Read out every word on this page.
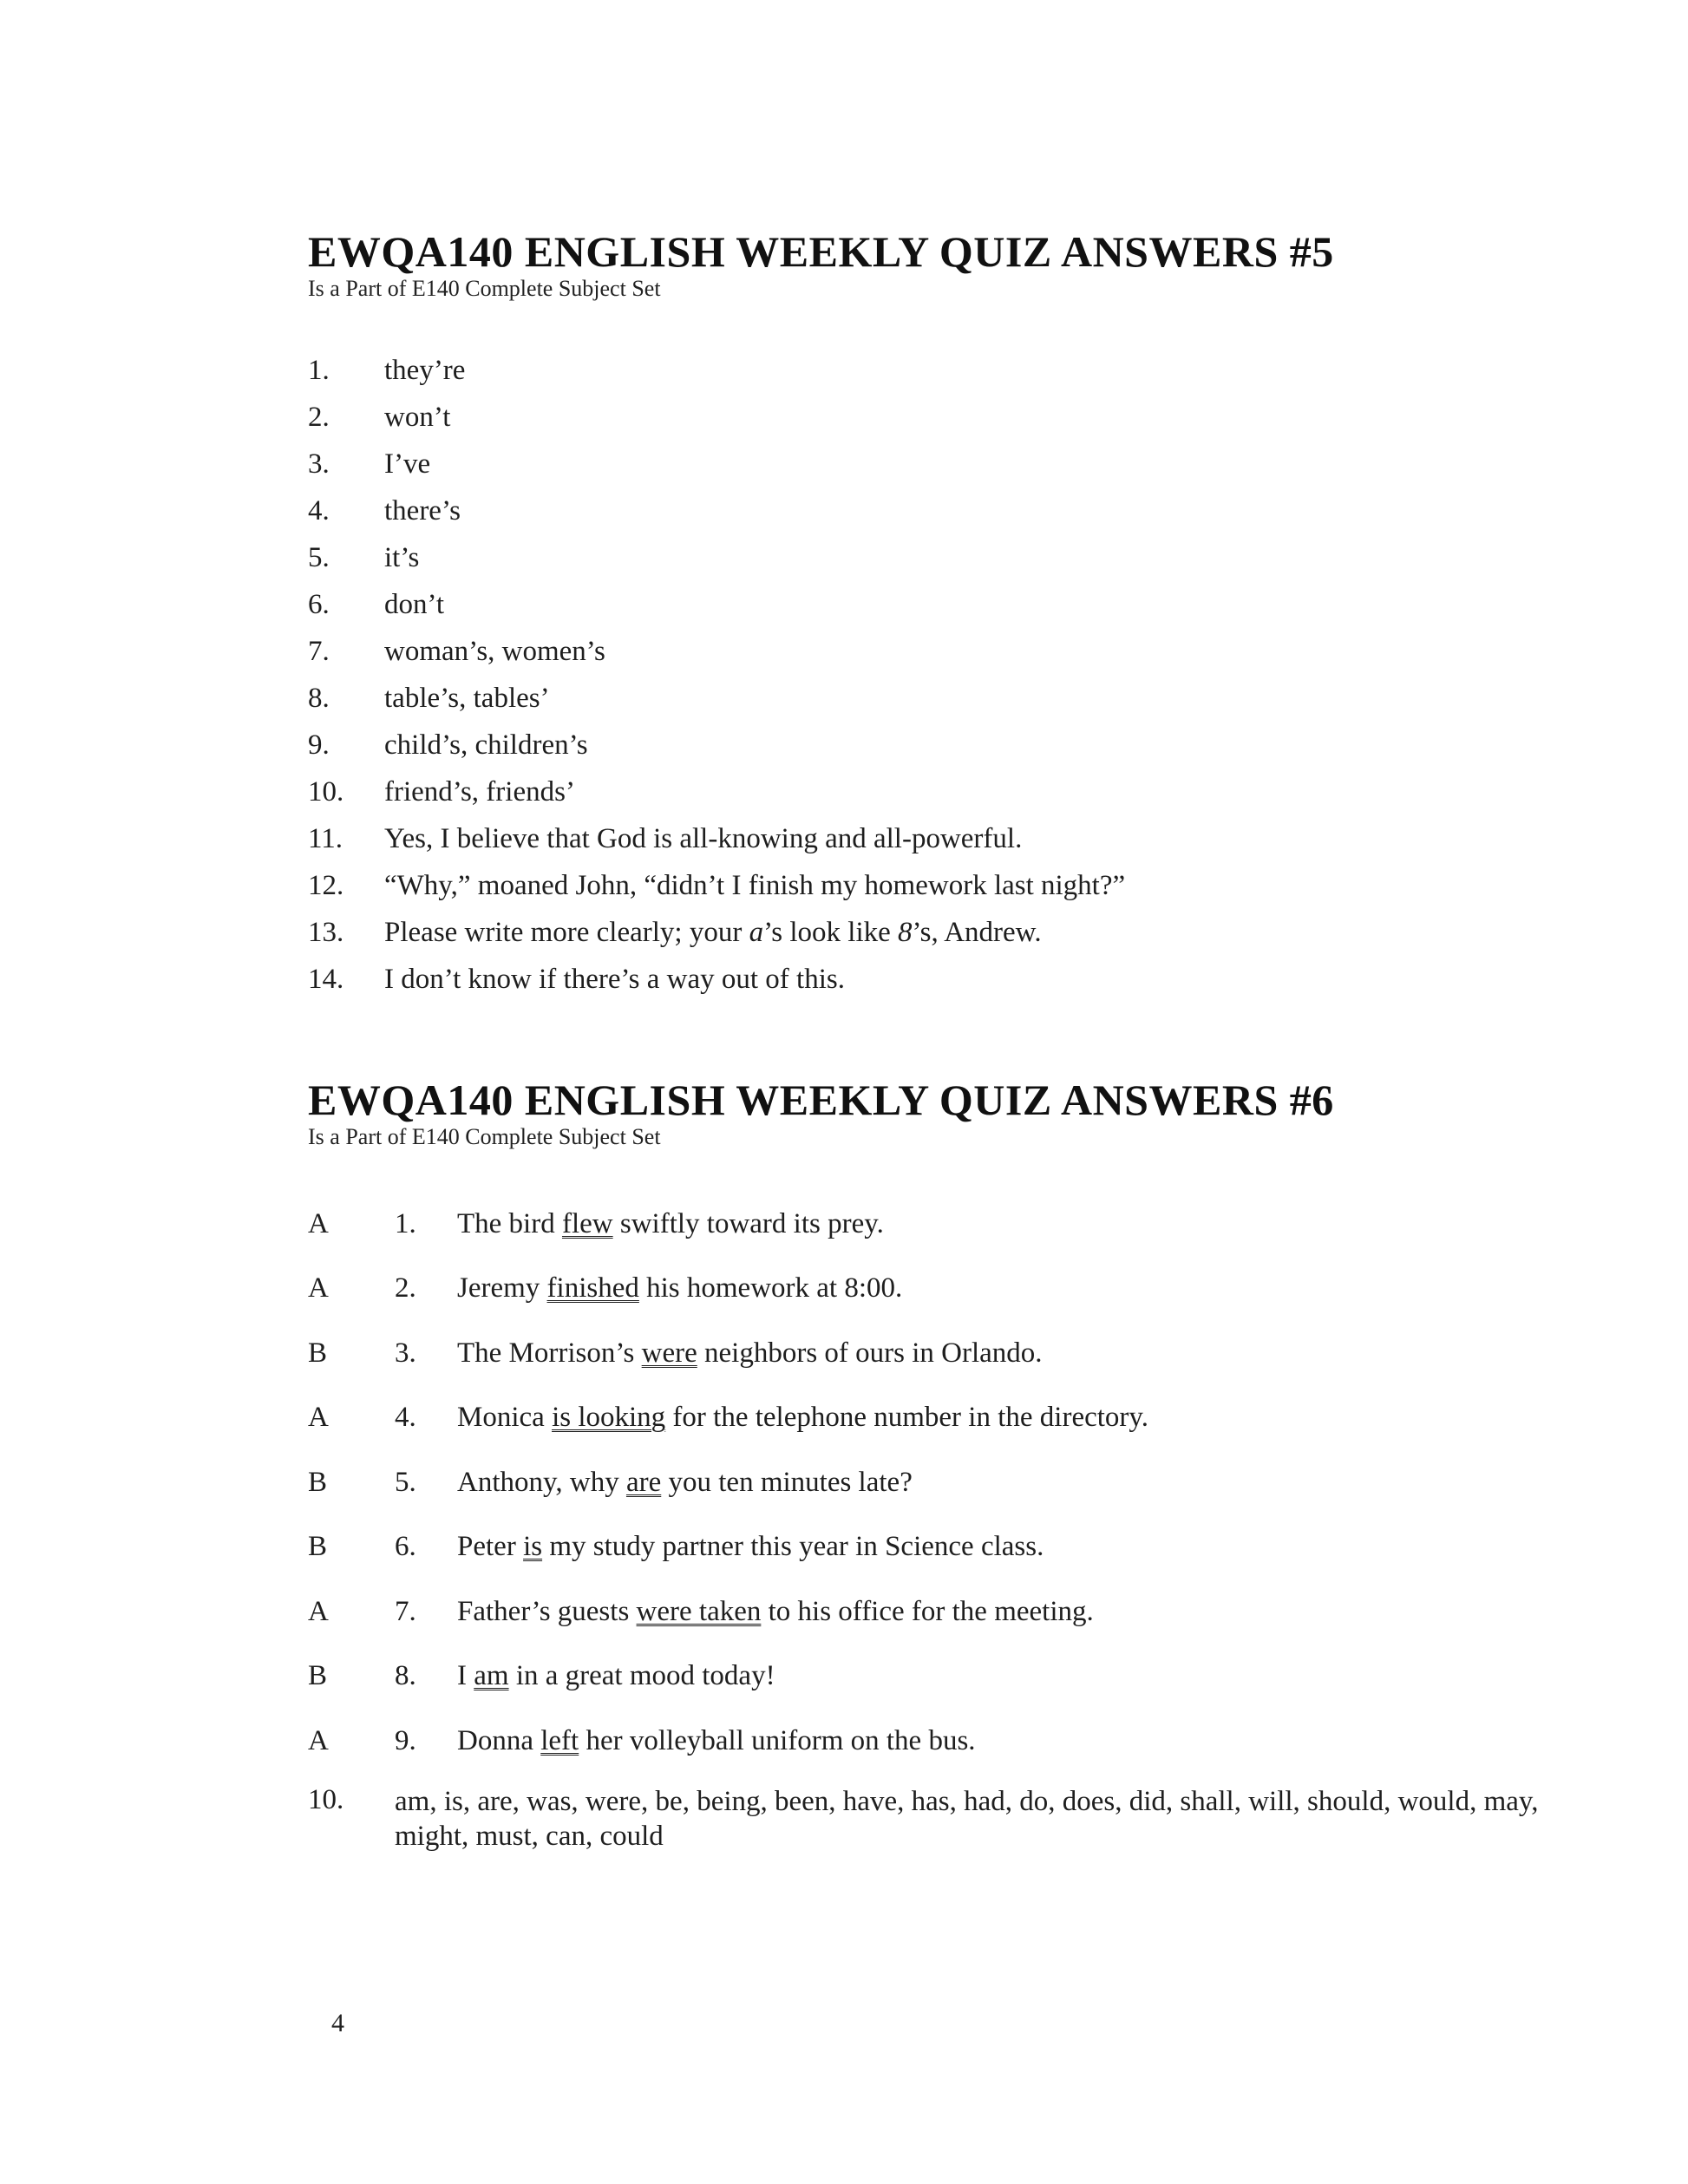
EWQA140 ENGLISH WEEKLY QUIZ ANSWERS #5

Is a Part of E140 Complete Subject Set

1.	they’re
2.	won’t
3.	I’ve
4.	there’s
5.	it’s
6.	don’t
7.	woman’s, women’s
8.	table’s, tables’
9.	child’s, children’s
10.	friend’s, friends’
11.	Yes, I believe that God is all-knowing and all-powerful.
12.	“Why,” moaned John, “didn’t I finish my homework last night?”
13.	Please write more clearly; your a’s look like 8’s, Andrew.
14.	I don’t know if there’s a way out of this.
EWQA140 ENGLISH WEEKLY QUIZ ANSWERS #6

Is a Part of E140 Complete Subject Set

A	1.	The bird flew swiftly toward its prey.
A	2.	Jeremy finished his homework at 8:00.
B	3.	The Morrison’s were neighbors of ours in Orlando.
A	4.	Monica is looking for the telephone number in the directory.
B	5.	Anthony, why are you ten minutes late?
B	6.	Peter is my study partner this year in Science class.
A	7.	Father’s guests were taken to his office for the meeting.
B	8.	I am in a great mood today!
A	9.	Donna left her volleyball uniform on the bus.
10.	am, is, are, was, were, be, being, been, have, has, had, do, does, did, shall, will, should, would, may, might, must, can, could
4
